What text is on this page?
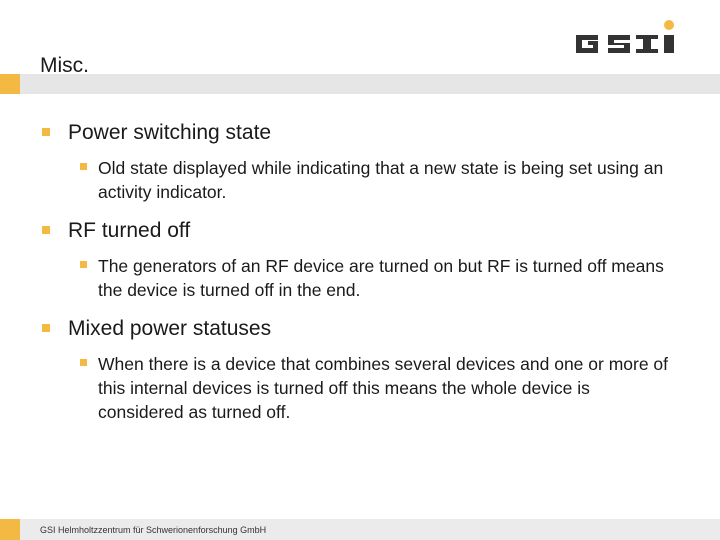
Misc.
Power switching state
Old state displayed while indicating that a new state is being set using an activity indicator.
RF turned off
The generators of an RF device are turned on but RF is turned off means the device is turned off in the end.
Mixed power statuses
When there is a device that combines several devices and one or more of this internal devices is turned off this means the whole device is considered as turned off.
GSI Helmholtzzentrum für Schwerionenforschung GmbH
